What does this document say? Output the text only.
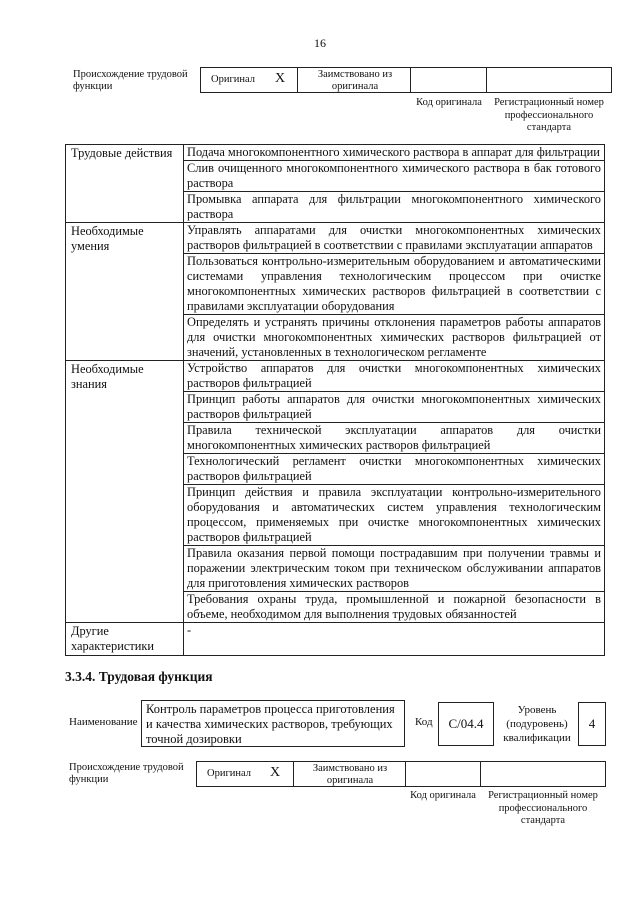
16
Происхождение трудовой функции
Оригинал	X	Заимствовано из оригинала
Код оригинала	Регистрационный номер профессионального стандарта
Трудовые действия	Подача многокомпонентного химического раствора в аппарат для фильтрации
	Слив очищенного многокомпонентного химического раствора в бак готового раствора
	Промывка аппарата для фильтрации многокомпонентного химического раствора
Необходимые умения	Управлять аппаратами для очистки многокомпонентных химических растворов фильтрацией в соответствии с правилами эксплуатации аппаратов
	Пользоваться контрольно-измерительным оборудованием и автоматическими системами управления технологическим процессом при очистке многокомпонентных химических растворов фильтрацией в соответствии с правилами эксплуатации оборудования
	Определять и устранять причины отклонения параметров работы аппаратов для очистки многокомпонентных химических растворов фильтрацией от значений, установленных в технологическом регламенте
Необходимые знания	Устройство аппаратов для очистки многокомпонентных химических растворов фильтрацией
	Принцип работы аппаратов для очистки многокомпонентных химических растворов фильтрацией
	Правила технической эксплуатации аппаратов для очистки многокомпонентных химических растворов фильтрацией
	Технологический регламент очистки многокомпонентных химических растворов фильтрацией
	Принцип действия и правила эксплуатации контрольно-измерительного оборудования и автоматических систем управления технологическим процессом, применяемых при очистке многокомпонентных химических растворов фильтрацией
	Правила оказания первой помощи пострадавшим при получении травмы и поражении электрическим током при техническом обслуживании аппаратов для приготовления химических растворов
	Требования охраны труда, промышленной и пожарной безопасности в объеме, необходимом для выполнения трудовых обязанностей
Другие характеристики	-
3.3.4. Трудовая функция
Наименование
Контроль параметров процесса приготовления и качества химических растворов, требующих точной дозировки
Код	C/04.4
Уровень (подуровень) квалификации
4
Происхождение трудовой функции
Оригинал	X	Заимствовано из оригинала
Код оригинала	Регистрационный номер профессионального стандарта
